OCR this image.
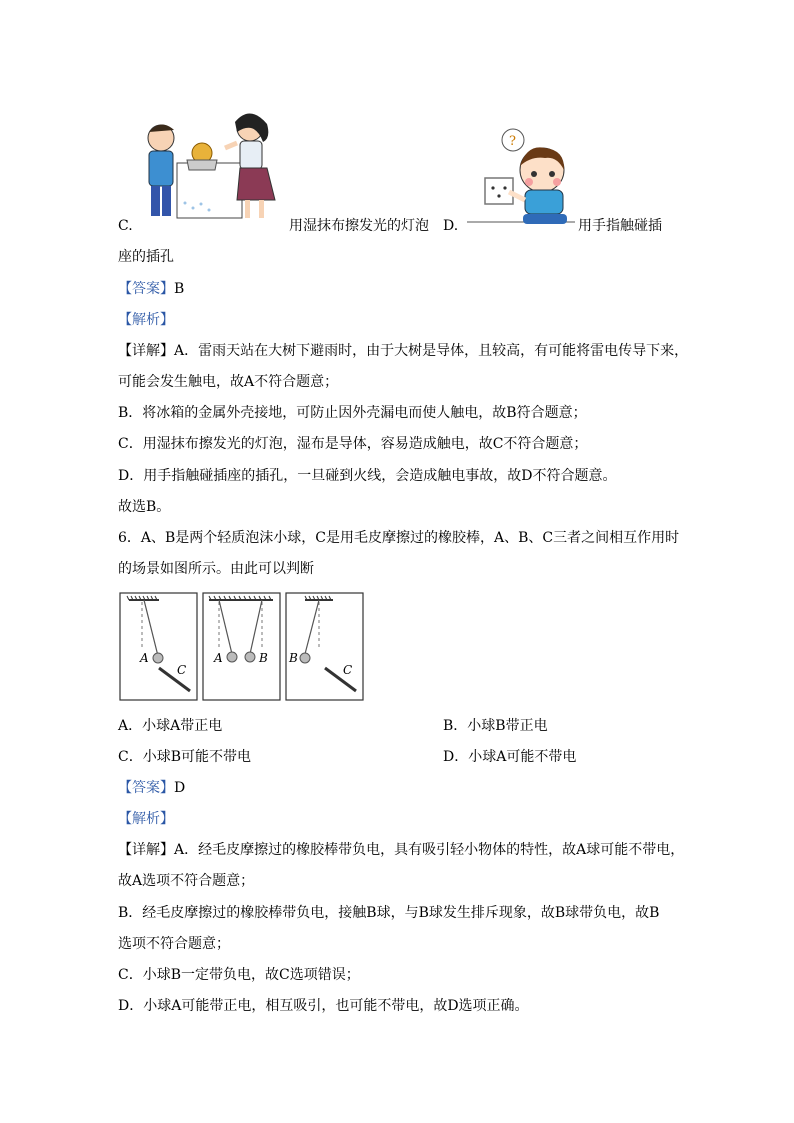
?
C.	用湿抹布擦发光的灯泡 D.	用手指触碰插
座的插孔
【答案】B
【解析】
【详解】A．雷雨天站在大树下避雨时，由于大树是导体，且较高，有可能将雷电传导下来，
可能会发生触电，故A不符合题意；
B．将冰箱的金属外壳接地，可防止因外壳漏电而使人触电，故B符合题意；
C．用湿抹布擦发光的灯泡，湿布是导体，容易造成触电，故C不符合题意；
D．用手指触碰插座的插孔，一旦碰到火线，会造成触电事故，故D不符合题意。
故选B。
6．A、B是两个轻质泡沫小球，C是用毛皮摩擦过的橡胶棒，A、B、C三者之间相互作用时
的场景如图所示。由此可以判断
A
C
A	B B
C
A．小球A带正电	B．小球B带正电
C．小球B可能不带电	D．小球A可能不带电
【答案】D
【解析】
【详解】A．经毛皮摩擦过的橡胶棒带负电，具有吸引轻小物体的特性，故A球可能不带电，
故A选项不符合题意；
B．经毛皮摩擦过的橡胶棒带负电，接触B球，与B球发生排斥现象，故B球带负电，故B
选项不符合题意；
C．小球B一定带负电，故C选项错误；
D．小球A可能带正电，相互吸引，也可能不带电，故D选项正确。
